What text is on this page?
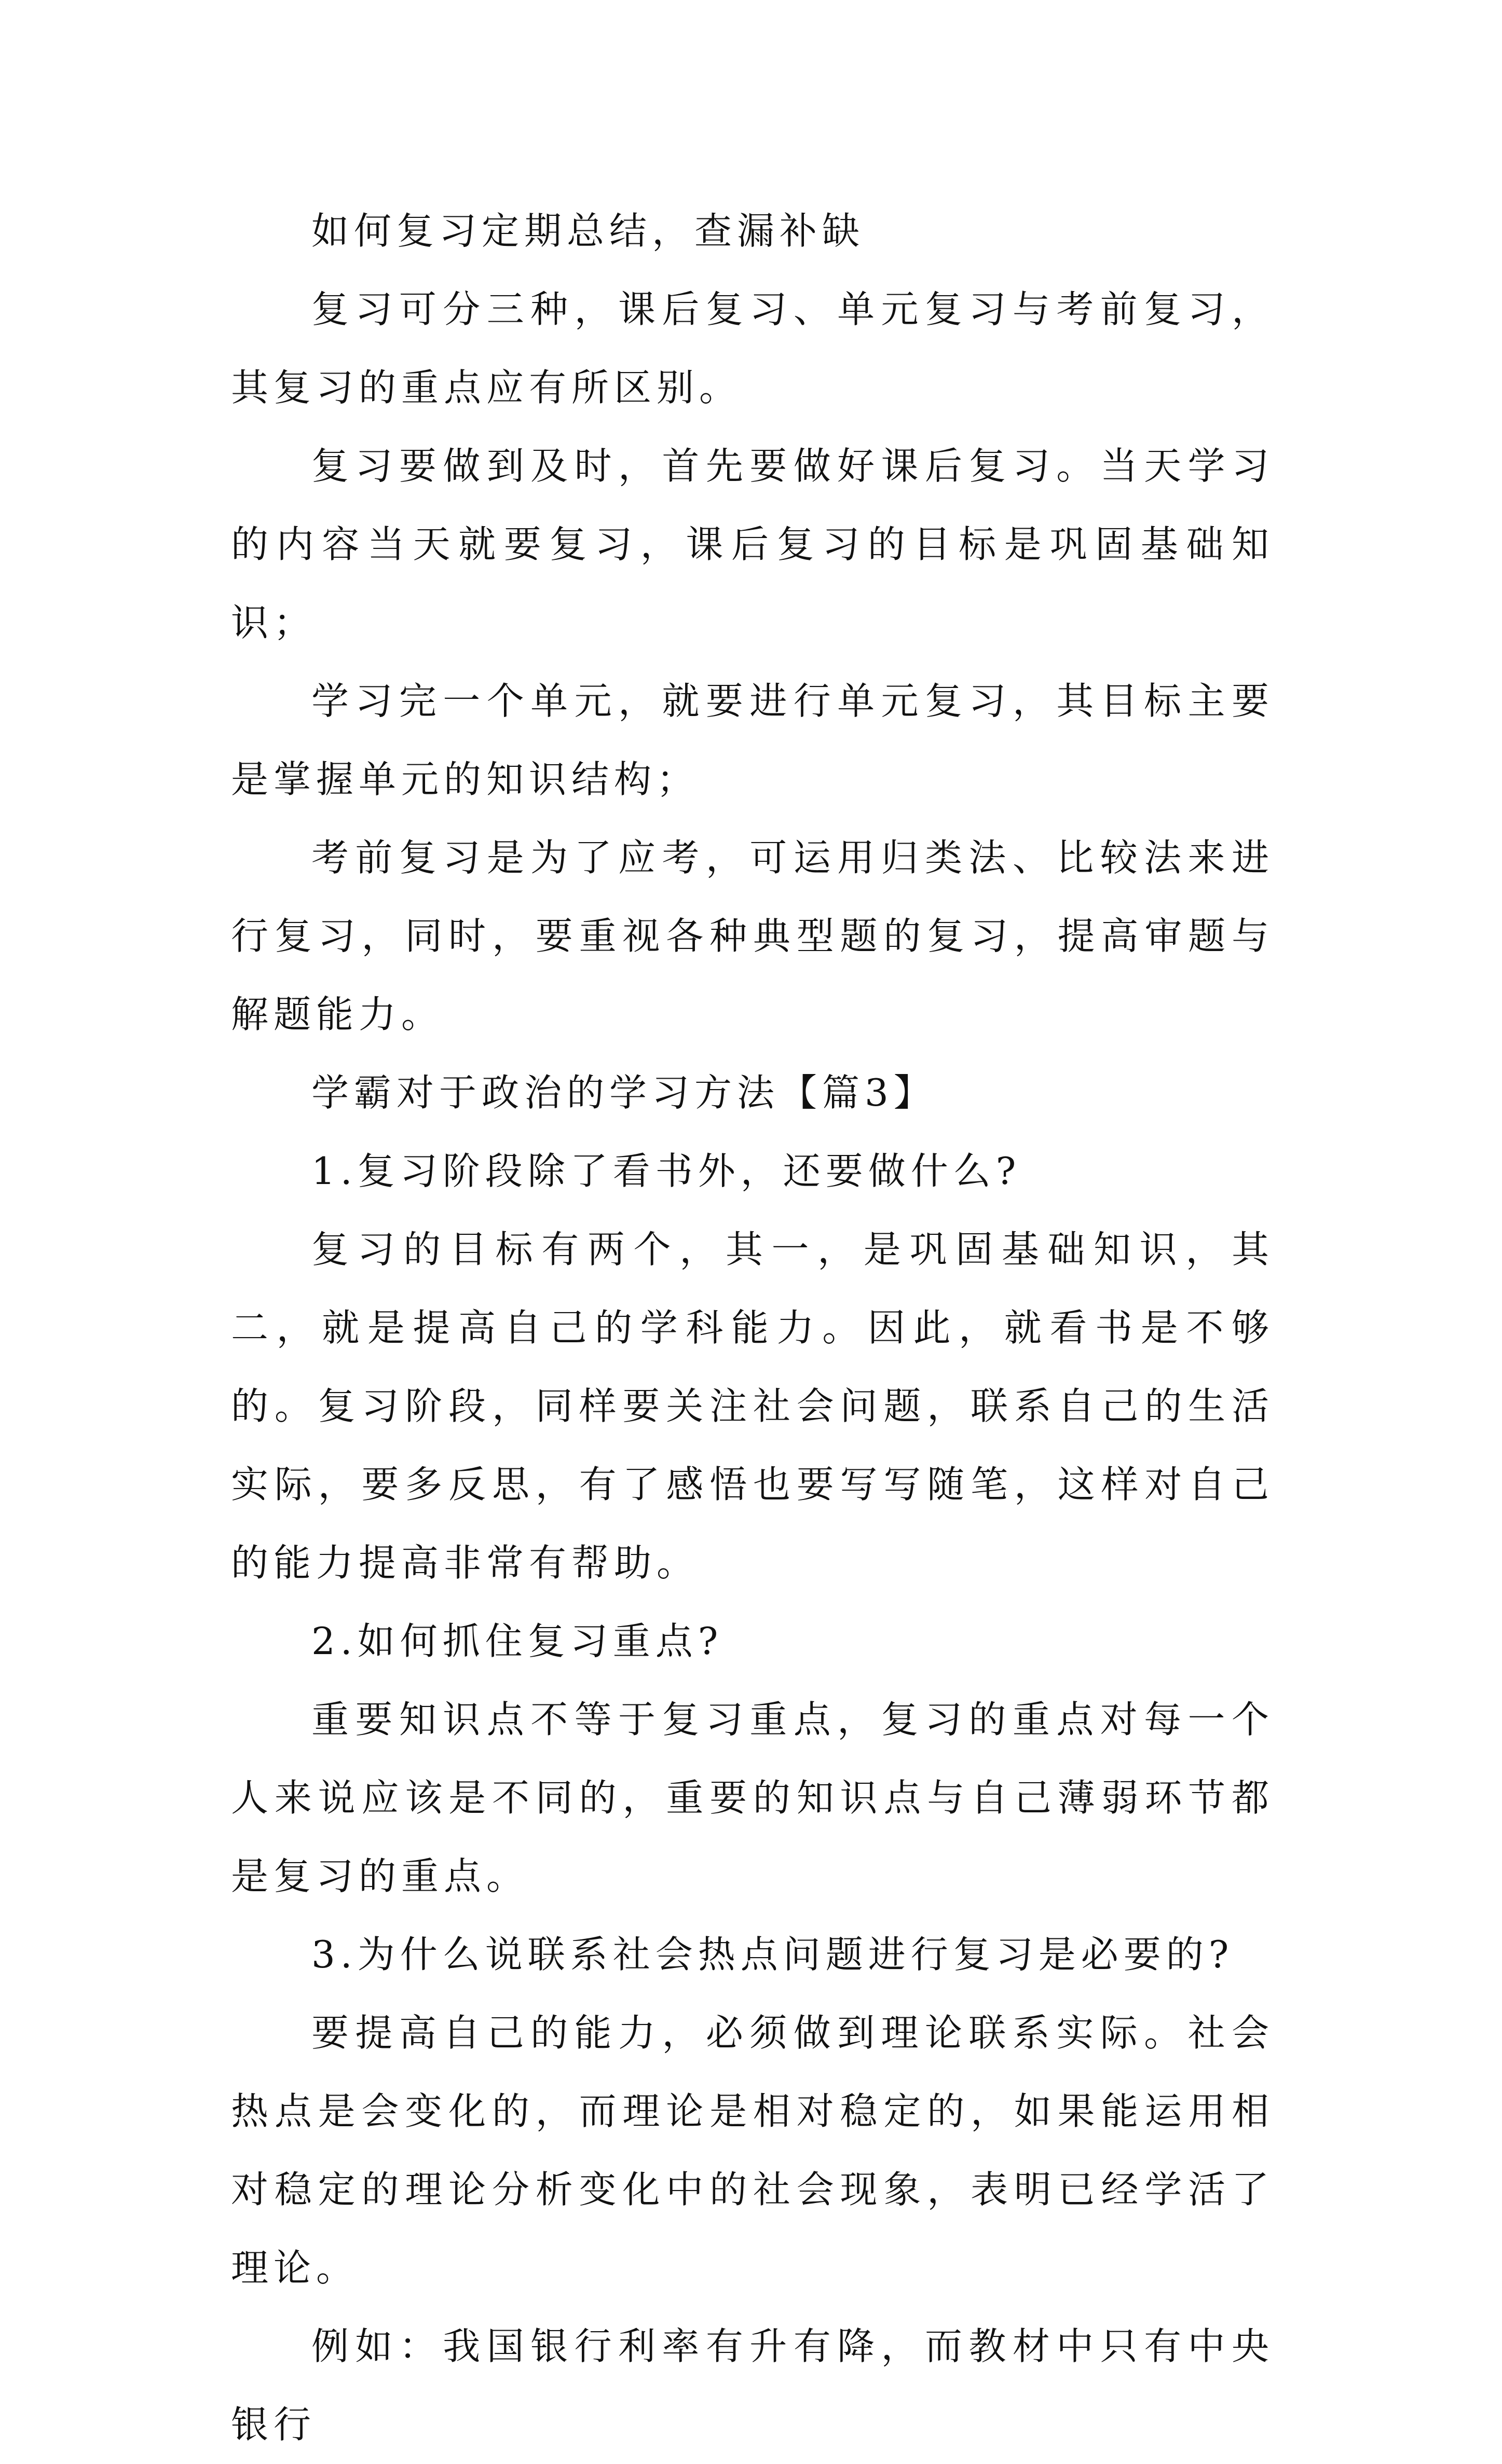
如何复习定期总结，查漏补缺

复习可分三种，课后复习、单元复习与考前复习，其复习的重点应有所区别。

复习要做到及时，首先要做好课后复习。当天学习的内容当天就要复习，课后复习的目标是巩固基础知识；

学习完一个单元，就要进行单元复习，其目标主要是掌握单元的知识结构；

考前复习是为了应考，可运用归类法、比较法来进行复习，同时，要重视各种典型题的复习，提高审题与解题能力。

学霸对于政治的学习方法【篇3】

1.复习阶段除了看书外，还要做什么?

复习的目标有两个，其一，是巩固基础知识，其二，就是提高自己的学科能力。因此，就看书是不够的。复习阶段，同样要关注社会问题，联系自己的生活实际，要多反思，有了感悟也要写写随笔，这样对自己的能力提高非常有帮助。

2.如何抓住复习重点?

重要知识点不等于复习重点，复习的重点对每一个人来说应该是不同的，重要的知识点与自己薄弱环节都是复习的重点。

3.为什么说联系社会热点问题进行复习是必要的?

要提高自己的能力，必须做到理论联系实际。社会热点是会变化的，而理论是相对稳定的，如果能运用相对稳定的理论分析变化中的社会现象，表明已经学活了理论。

例如：我国银行利率有升有降，而教材中只有中央银行
